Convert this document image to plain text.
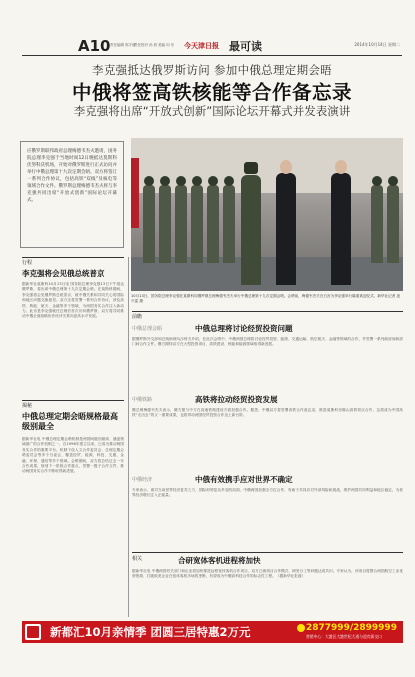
A10 责任编辑 郭宇航
责任校对 孙 欣 美编 向 东 今天津日报 最可读	2014年10月14日 星期二
李克强抵达俄罗斯访问 参加中俄总理定期会晤
中俄将签高铁核能等合作备忘录
李克强将出席“开放式创新”国际论坛开幕式并发表演讲
应俄罗斯联邦政府总理梅德韦杰夫邀请，国务院总理李克强于当地时间12日晚抵达莫斯科伏努科沃机场，开始对俄罗斯进行正式访问并举行中俄总理第十九次定期会晤。双方将签订一系列合作协议，包括高铁“双线”及核电等领域合作文件。俄罗斯总理梅德韦杰夫将与李克强共同出席“开放式创新”国际论坛开幕式。
10月13日，国务院总理李克强在莫斯科同俄罗斯总理梅德韦杰夫举行中俄总理第十九次定期会晤。会晤前，梅德韦杰夫在白宫为李克强举行隆重欢迎仪式。新华社记者 庞兴雷 摄
行程
李克强将会见俄总统普京
据新华社莫斯科10月13日电 国务院总理李克强13日下午抵达俄罗斯，将出席中俄总理第十九次定期会晤。在莫斯科期间，李克强将会见俄罗斯总统普京，就中俄关系和共同关心的国际和地区问题交换意见。双方还将签署一系列合作协议，涉及高铁、核能、航天、金融等多个领域，为两国务实合作注入新动力。此访是李克强就任总理后首次访问俄罗斯，双方将共同推动中俄全面战略协作伙伴关系向更高水平发展。
揭秘
中俄总理定期会晤规格最高级别最全
据新华社电 中俄总理定期会晤机制是两国间级别最高、涵盖领域最广的合作机制之一，自1996年建立以来，已成为推动两国务实合作的重要平台。机制下设人文合作委员会、总理定期会晤委员会等多个分委会，覆盖经贸、能源、科技、交通、金融、环保、通信等多个领域。会晤期间，双方将总结过去一年合作成果，规划下一阶段合作重点，签署一揽子合作文件，推动两国务实合作不断取得新进展。
前瞻
中俄总理会晤	中俄总理将讨论经贸投资问题
据俄罗斯外交部和总统助理乌沙科夫介绍，在此次会晤中，中俄两国总理将讨论经贸投资、能源、交通运输、航空航天、金融等领域的合作，并签署一系列政府间和部门间合作文件。俄方期待双方在大型投资项目、高铁建设、核能和能源领域取得新进展。
中俄铁路	高铁将拉动经贸投资发展
俄总理梅德韦杰夫表示，俄方愿与中方在高速铁路建设方面加强合作。据悉，中俄双方将签署高铁合作备忘录，推进莫斯科至喀山高铁项目合作，这将成为中国高铁“走出去”的又一重要成果，也将带动两国经贸投资合作迈上新台阶。
中俄经济	中俄有效携手应对世界不确定
专家表示，面对当前世界经济复苏乏力、国际形势复杂多变的局面，中俄两国加强全方位合作，有助于共同应对外部风险和挑战，维护两国共同利益和地区稳定，为世界经济增长注入正能量。
相关	合研宽体客机进程将加快
据新华社电 中俄两国有关部门和企业将加快推进远程宽体客机合作项目，双方已就项目合作模式、研发分工等问题达成共识。专家认为，该项目将整合两国航空工业优势资源，打破欧美企业在宽体客机市场的垄断，有望成为中俄高科技合作的标志性工程。（据新华社报道）
新都汇10月亲情季 团圆三居特惠2万元	2877999/2899999
营销中心：大港区大港世纪大道与迎宾街交口
